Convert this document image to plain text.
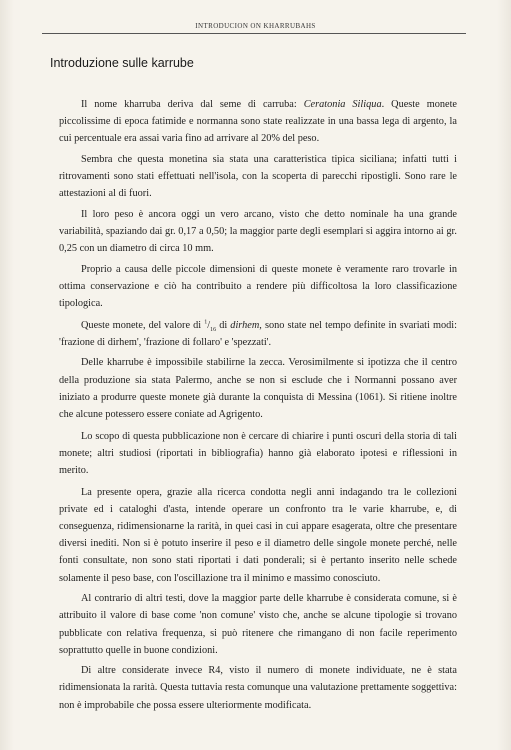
INTRODUCION ON KHARRUBAHS
Introduzione sulle karrube

Il nome kharruba deriva dal seme di carruba: Ceratonia Siliqua. Queste monete piccolissime di epoca fatimide e normanna sono state realizzate in una bassa lega di argento, la cui percentuale era assai varia fino ad arrivare al 20% del peso.

Sembra che questa monetina sia stata una caratteristica tipica siciliana; infatti tutti i ritrovamenti sono stati effettuati nell'isola, con la scoperta di parecchi ripostigli. Sono rare le attestazioni al di fuori.

Il loro peso è ancora oggi un vero arcano, visto che detto nominale ha una grande variabilità, spaziando dai gr. 0,17 a 0,50; la maggior parte degli esemplari si aggira intorno ai gr. 0,25 con un diametro di circa 10 mm.

Proprio a causa delle piccole dimensioni di queste monete è veramente raro trovarle in ottima conservazione e ciò ha contribuito a rendere più difficoltosa la loro classificazione tipologica.

Queste monete, del valore di $^1/_{16}$ di dirhem, sono state nel tempo definite in svariati modi: 'frazione di dirhem', 'frazione di follaro' e 'spezzati'.

Delle kharrube è impossibile stabilirne la zecca. Verosimilmente si ipotizza che il centro della produzione sia stata Palermo, anche se non si esclude che i Normanni possano aver iniziato a produrre queste monete già durante la conquista di Messina (1061). Si ritiene inoltre che alcune potessero essere coniate ad Agrigento.

Lo scopo di questa pubblicazione non è cercare di chiarire i punti oscuri della storia di tali monete; altri studiosi (riportati in bibliografia) hanno già elaborato ipotesi e riflessioni in merito.

La presente opera, grazie alla ricerca condotta negli anni indagando tra le collezioni private ed i cataloghi d'asta, intende operare un confronto tra le varie kharrube, e, di conseguenza, ridimensionarne la rarità, in quei casi in cui appare esagerata, oltre che presentare diversi inediti. Non si è potuto inserire il peso e il diametro delle singole monete perché, nelle fonti consultate, non sono stati riportati i dati ponderali; si è pertanto inserito nelle schede solamente il peso base, con l'oscillazione tra il minimo e massimo conosciuto.

Al contrario di altri testi, dove la maggior parte delle kharrube è considerata comune, si è attribuito il valore di base come 'non comune' visto che, anche se alcune tipologie si trovano pubblicate con relativa frequenza, si può ritenere che rimangano di non facile reperimento soprattutto quelle in buone condizioni.

Di altre considerate invece R4, visto il numero di monete individuate, ne è stata ridimensionata la rarità. Questa tuttavia resta comunque una valutazione prettamente soggettiva: non è improbabile che possa essere ulteriormente modificata.
